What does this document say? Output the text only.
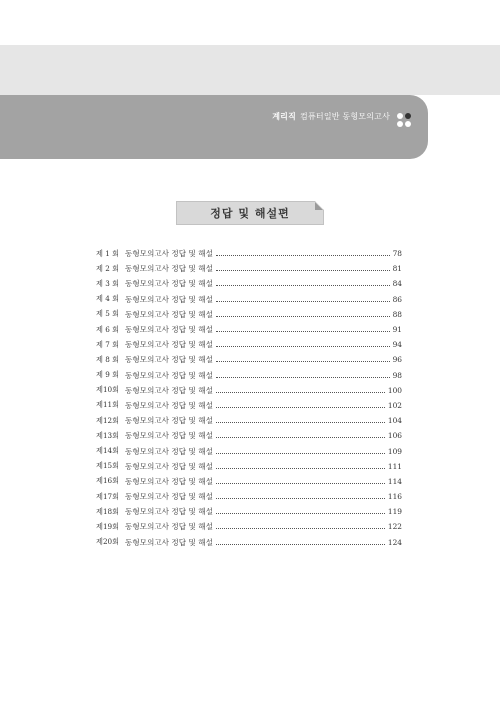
계리직 컴퓨터일반 동형모의고사
정답 및 해설편
제 1 회 동형모의고사 정답 및 해설	78
제 2 회 동형모의고사 정답 및 해설	81
제 3 회 동형모의고사 정답 및 해설	84
제 4 회 동형모의고사 정답 및 해설	86
제 5 회 동형모의고사 정답 및 해설	88
제 6 회 동형모의고사 정답 및 해설	91
제 7 회 동형모의고사 정답 및 해설	94
제 8 회 동형모의고사 정답 및 해설	96
제 9 회 동형모의고사 정답 및 해설	98
제10회 동형모의고사 정답 및 해설	100
제11회 동형모의고사 정답 및 해설	102
제12회 동형모의고사 정답 및 해설	104
제13회 동형모의고사 정답 및 해설	106
제14회 동형모의고사 정답 및 해설	109
제15회 동형모의고사 정답 및 해설	111
제16회 동형모의고사 정답 및 해설	114
제17회 동형모의고사 정답 및 해설	116
제18회 동형모의고사 정답 및 해설	119
제19회 동형모의고사 정답 및 해설	122
제20회 동형모의고사 정답 및 해설	124
